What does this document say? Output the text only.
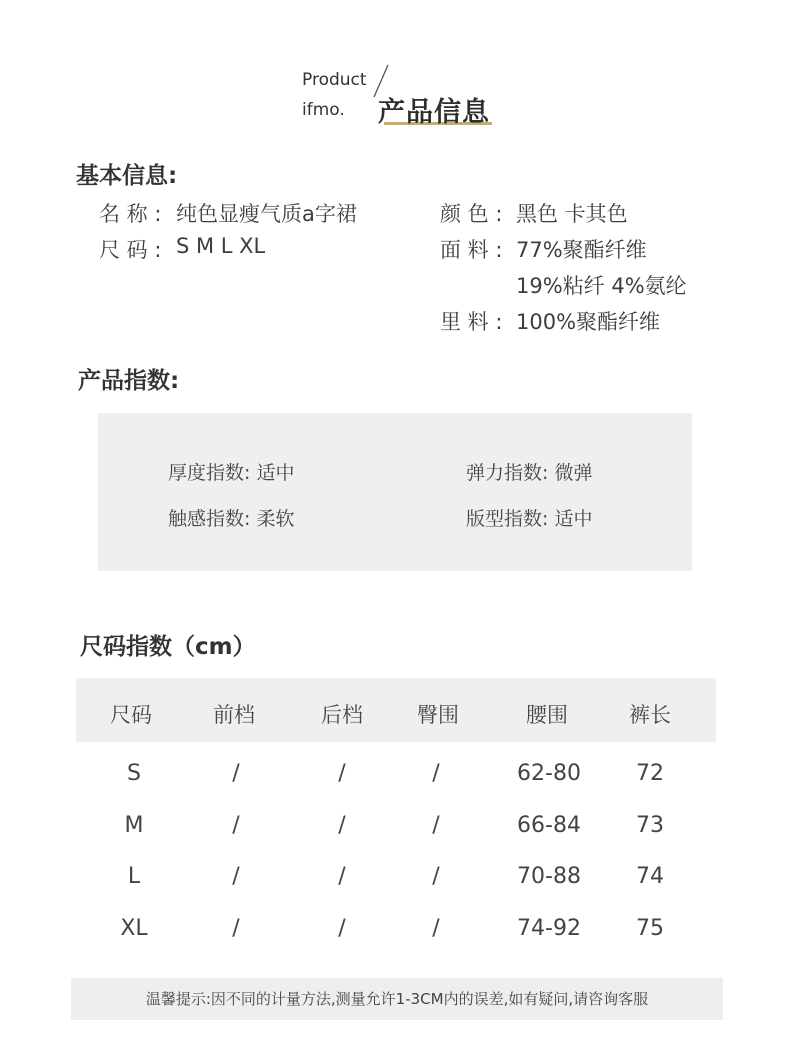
Product
ifmo. 产品信息
基本信息:
名 称 : 纯色显瘦气质a字裙
尺 码 : S M L XL
颜 色 : 黑色 卡其色
面 料 : 77%聚酯纤维
19%粘纤 4%氨纶
里 料 : 100%聚酯纤维
产品指数:
厚度指数: 适中	弹力指数: 微弹
触感指数: 柔软	版型指数: 适中
尺码指数（cm）
尺码	前档	后档	臀围	腰围	裤长
S	/	/	/	62-80	72
M	/	/	/	66-84	73
L	/	/	/	70-88	74
XL	/	/	/	74-92	75
温馨提示:因不同的计量方法,测量允许1-3CM内的误差,如有疑问,请咨询客服
